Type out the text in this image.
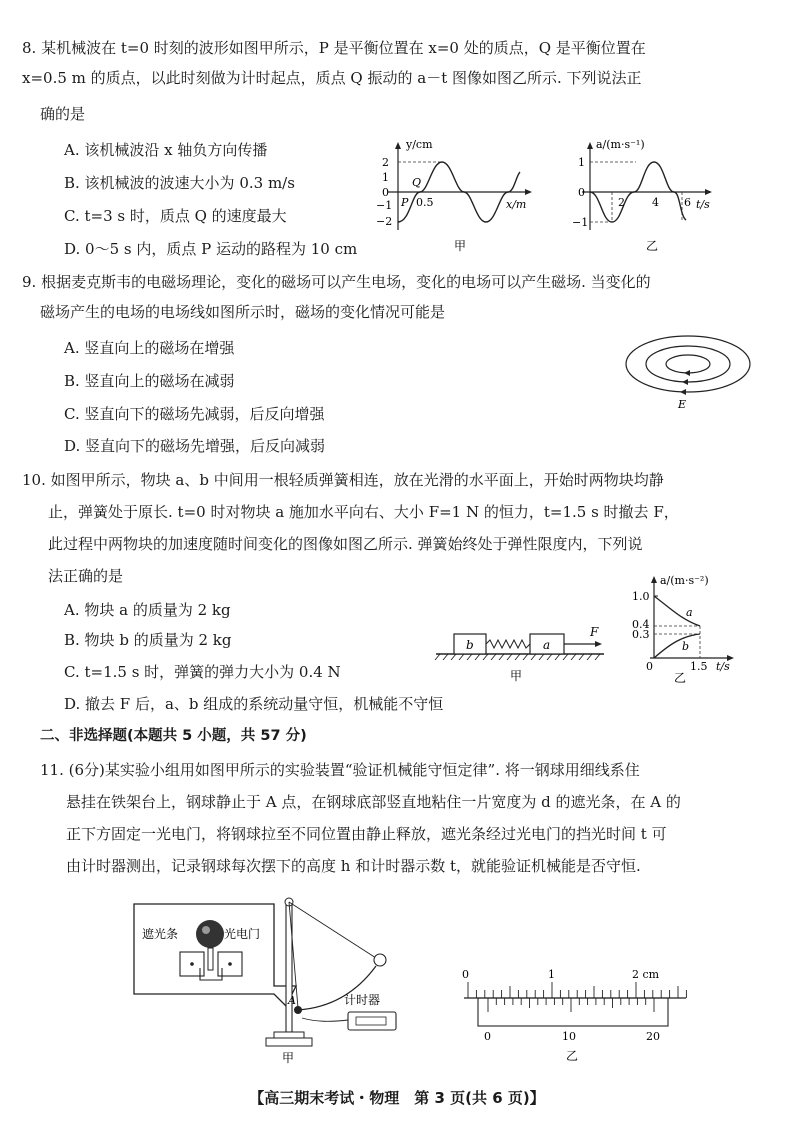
8. 某机械波在 t=0 时刻的波形如图甲所示，P 是平衡位置在 x=0 处的质点，Q 是平衡位置在
x=0.5 m 的质点，以此时刻做为计时起点，质点 Q 振动的 a－t 图像如图乙所示. 下列说法正
确的是
A. 该机械波沿 x 轴负方向传播
B. 该机械波的波速大小为 0.3 m/s
C. t=3 s 时，质点 Q 的速度最大
D. 0～5 s 内，质点 P 运动的路程为 10 cm
y/cm
2
1
0
−1
−2
P
Q
0.5	x/m
甲
a/(m·s⁻¹)
1
0
−1
2 4 6 t/s
乙
9. 根据麦克斯韦的电磁场理论，变化的磁场可以产生电场，变化的电场可以产生磁场. 当变化的
磁场产生的电场的电场线如图所示时，磁场的变化情况可能是
A. 竖直向上的磁场在增强
B. 竖直向上的磁场在减弱
C. 竖直向下的磁场先减弱，后反向增强
D. 竖直向下的磁场先增强，后反向减弱
E
10. 如图甲所示，物块 a、b 中间用一根轻质弹簧相连，放在光滑的水平面上，开始时两物块均静
止，弹簧处于原长. t=0 时对物块 a 施加水平向右、大小 F=1 N 的恒力，t=1.5 s 时撤去 F，
此过程中两物块的加速度随时间变化的图像如图乙所示. 弹簧始终处于弹性限度内，下列说
法正确的是
A. 物块 a 的质量为 2 kg
B. 物块 b 的质量为 2 kg
C. t=1.5 s 时，弹簧的弹力大小为 0.4 N
D. 撤去 F 后，a、b 组成的系统动量守恒，机械能不守恒
b	a
F
甲
a/(m·s⁻²)
1.0
0.4
0.3
0	1.5 t/s
a
b
乙
二、非选择题(本题共 5 小题，共 57 分)
11. (6分)某实验小组用如图甲所示的实验装置“验证机械能守恒定律”. 将一钢球用细线系住
悬挂在铁架台上，钢球静止于 A 点，在钢球底部竖直地粘住一片宽度为 d 的遮光条，在 A 的
正下方固定一光电门，将钢球拉至不同位置由静止释放，遮光条经过光电门的挡光时间 t 可
由计时器测出，记录钢球每次摆下的高度 h 和计时器示数 t，就能验证机械能是否守恒.
遮光条	光电门
A	计时器
甲
0	1	2 cm
0	10	20
乙
【高三期末考试・物理　第 3 页(共 6 页)】
